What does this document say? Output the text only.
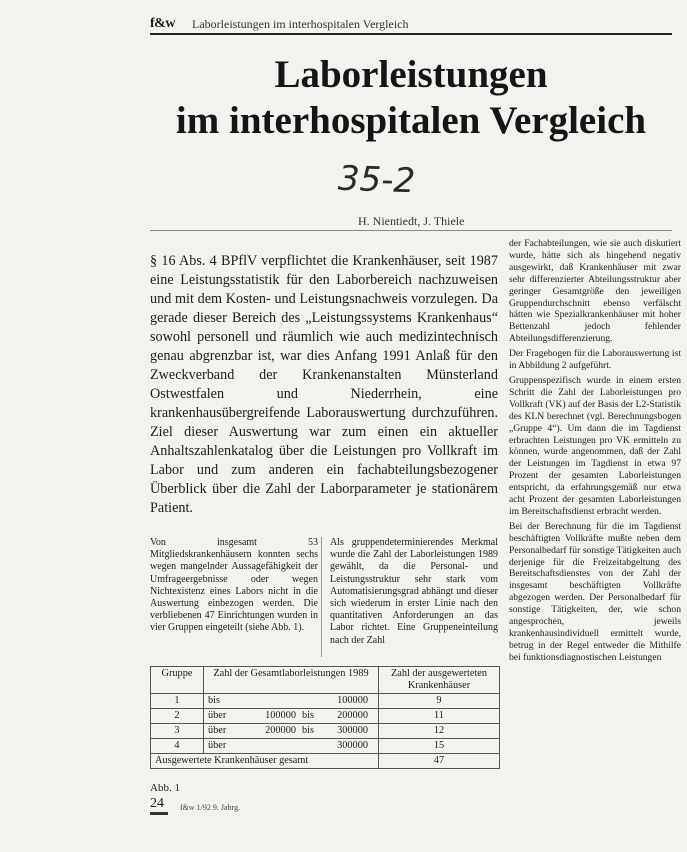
f&w Laborleistungen im interhospitalen Vergleich
Laborleistungen
im interhospitalen Vergleich
35-2
H. Nientiedt, J. Thiele

§ 16 Abs. 4 BPflV verpflichtet die Krankenhäuser, seit 1987 eine Leistungsstatistik für den Laborbereich nachzuweisen und mit dem Kosten- und Leistungsnachweis vorzulegen. Da gerade dieser Bereich des „Leistungssystems Krankenhaus“ sowohl personell und räumlich wie auch medizintechnisch genau abgrenzbar ist, war dies Anfang 1991 Anlaß für den Zweckverband der Krankenanstalten Münsterland Ostwestfalen und Niederrhein, eine krankenhausübergreifende Laborauswertung durchzuführen. Ziel dieser Auswertung war zum einen ein aktueller Anhaltszahlenkatalog über die Leistungen pro Vollkraft im Labor und zum anderen ein fachabteilungsbezogener Überblick über die Zahl der Laborparameter je stationärem Patient.

der Fachabteilungen, wie sie auch diskutiert wurde, hätte sich als hingehend negativ ausgewirkt, daß Krankenhäuser mit zwar sehr differenzierter Abteilungsstruktur aber geringer Gesamtgröße den jeweiligen Gruppendurchschnitt ebenso verfälscht hätten wie Spezialkrankenhäuser mit hoher Bettenzahl jedoch fehlender Abteilungsdifferenzierung.

Der Fragebogen für die Laborauswertung ist in Abbildung 2 aufgeführt.

Gruppenspezifisch wurde in einem ersten Schritt die Zahl der Laborleistungen pro Vollkraft (VK) auf der Basis der L2-Statistik des KLN berechnet (vgl. Berechnungsbogen „Gruppe 4“). Um dann die im Tagdienst erbrachten Leistungen pro VK ermitteln zu können, wurde angenommen, daß der Zahl der Leistungen im Tagdienst in etwa 97 Prozent der gesamten Laborleistungen entspricht, da erfahrungsgemäß nur etwa acht Prozent der gesamten Laborleistungen im Bereitschaftsdienst erbracht werden.

Bei der Berechnung für die im Tagdienst beschäftigten Vollkräfte mußte neben dem Personalbedarf für sonstige Tätigkeiten auch derjenige für die Freizeitabgeltung des Bereitschaftsdienstes von der Zahl der insgesamt beschäftigten Vollkräfte abgezogen werden. Der Personalbedarf für sonstige Tätigkeiten, der, wie schon angesprochen, jeweils krankenhausindividuell ermittelt wurde, betrug in der Regel entweder die Mithilfe bei funktionsdiagnostischen Leistungen

Von insgesamt 53 Mitgliedskrankenhäusern konnten sechs wegen mangelnder Aussagefähigkeit der Umfrageergebnisse oder wegen Nichtexistenz eines Labors nicht in die Auswertung einbezogen werden. Die verbliebenen 47 Einrichtungen wurden in vier Gruppen eingeteilt (siehe Abb. 1).

Als gruppendeterminierendes Merkmal wurde die Zahl der Laborleistungen 1989 gewählt, da die Personal- und Leistungsstruktur sehr stark vom Automatisierungsgrad abhängt und dieser sich wiederum in erster Linie nach den quantitativen Anforderungen an das Labor richtet. Eine Gruppeneinteilung nach der Zahl

Gruppe	Zahl der Gesamtlaborleistungen 1989	Zahl der ausgewerteten Krankenhäuser
1	bis 100000	9
2	über 100000 bis 200000	11
3	über 200000 bis 300000	12
4	über 300000	15
Ausgewertete Krankenhäuser gesamt		47
Abb. 1
24 f&w 1/92 9. Jahrg.
